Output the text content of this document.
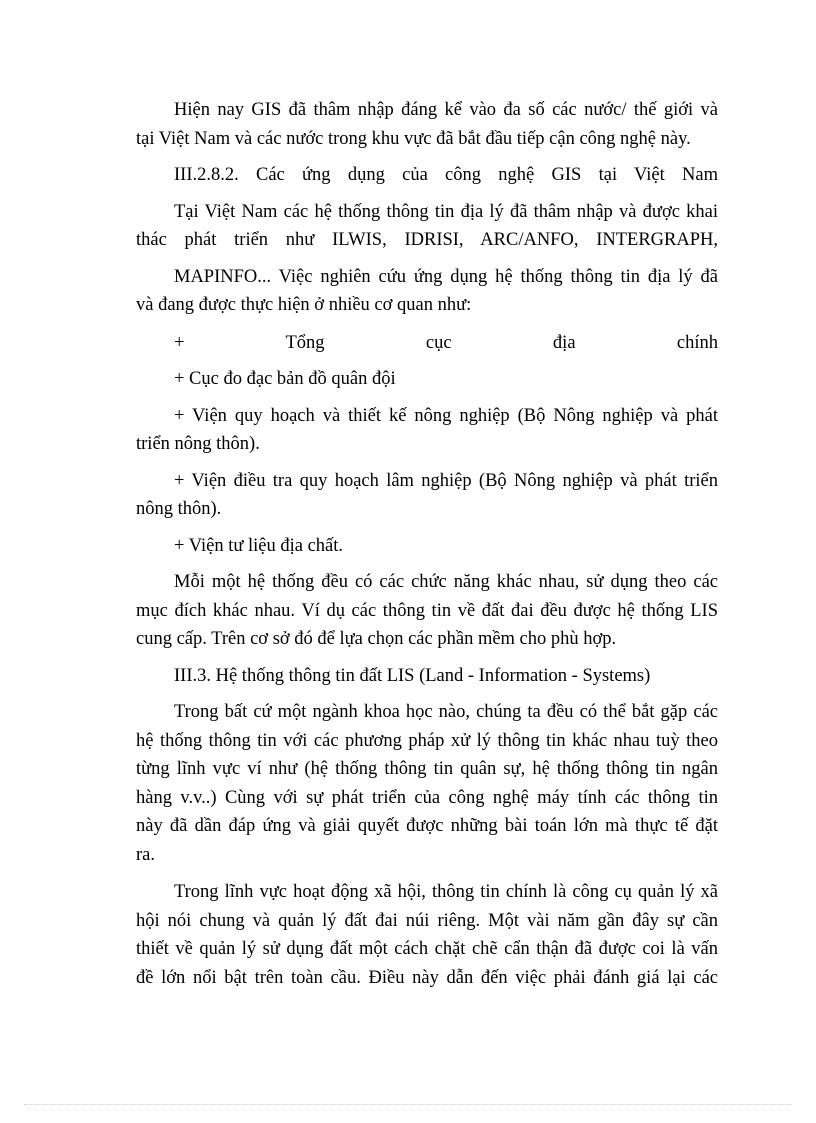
Hiện nay GIS đã thâm nhập đáng kể vào đa số các nước/ thế giới và
tại Việt Nam và các nước trong khu vực đã bắt đầu tiếp cận công nghệ này.
III.2.8.2. Các ứng dụng của công nghệ GIS tại Việt Nam
Tại Việt Nam các hệ thống thông tin địa lý đã thâm nhập và được khai
thác phát triển như ILWIS, IDRISI, ARC/ANFO, INTERGRAPH,
MAPINFO... Việc nghiên cứu ứng dụng hệ thống thông tin địa lý đã
và đang được thực hiện ở nhiều cơ quan như:
+ Tổng cục địa chính
+ Cục đo đạc bản đồ quân đội
+ Viện quy hoạch và thiết kế nông nghiệp (Bộ Nông nghiệp và phát
triển nông thôn).
+ Viện điều tra quy hoạch lâm nghiệp (Bộ Nông nghiệp và phát triển
nông thôn).
+ Viện tư liệu địa chất.
Mỗi một hệ thống đều có các chức năng khác nhau, sử dụng theo các
mục đích khác nhau. Ví dụ các thông tin về đất đai đều được hệ thống LIS
cung cấp. Trên cơ sở đó để lựa chọn các phần mềm cho phù hợp.
III.3. Hệ thống thông tin đất LIS (Land - Information - Systems)
Trong bất cứ một ngành khoa học nào, chúng ta đều có thể bắt gặp các
hệ thống thông tin với các phương pháp xử lý thông tin khác nhau tuỳ theo
từng lĩnh vực ví như (hệ thống thông tin quân sự, hệ thống thông tin ngân
hàng v.v..) Cùng với sự phát triển của công nghệ máy tính các thông tin
này đã dần đáp ứng và giải quyết được những bài toán lớn mà thực tế đặt
ra.
Trong lĩnh vực hoạt động xã hội, thông tin chính là công cụ quản lý xã
hội nói chung và quản lý đất đai núi riêng. Một vài năm gần đây sự cần
thiết về quản lý sử dụng đất một cách chặt chẽ cẩn thận đã được coi là vấn
đề lớn nổi bật trên toàn cầu. Điều này dẫn đến việc phải đánh giá lại các
